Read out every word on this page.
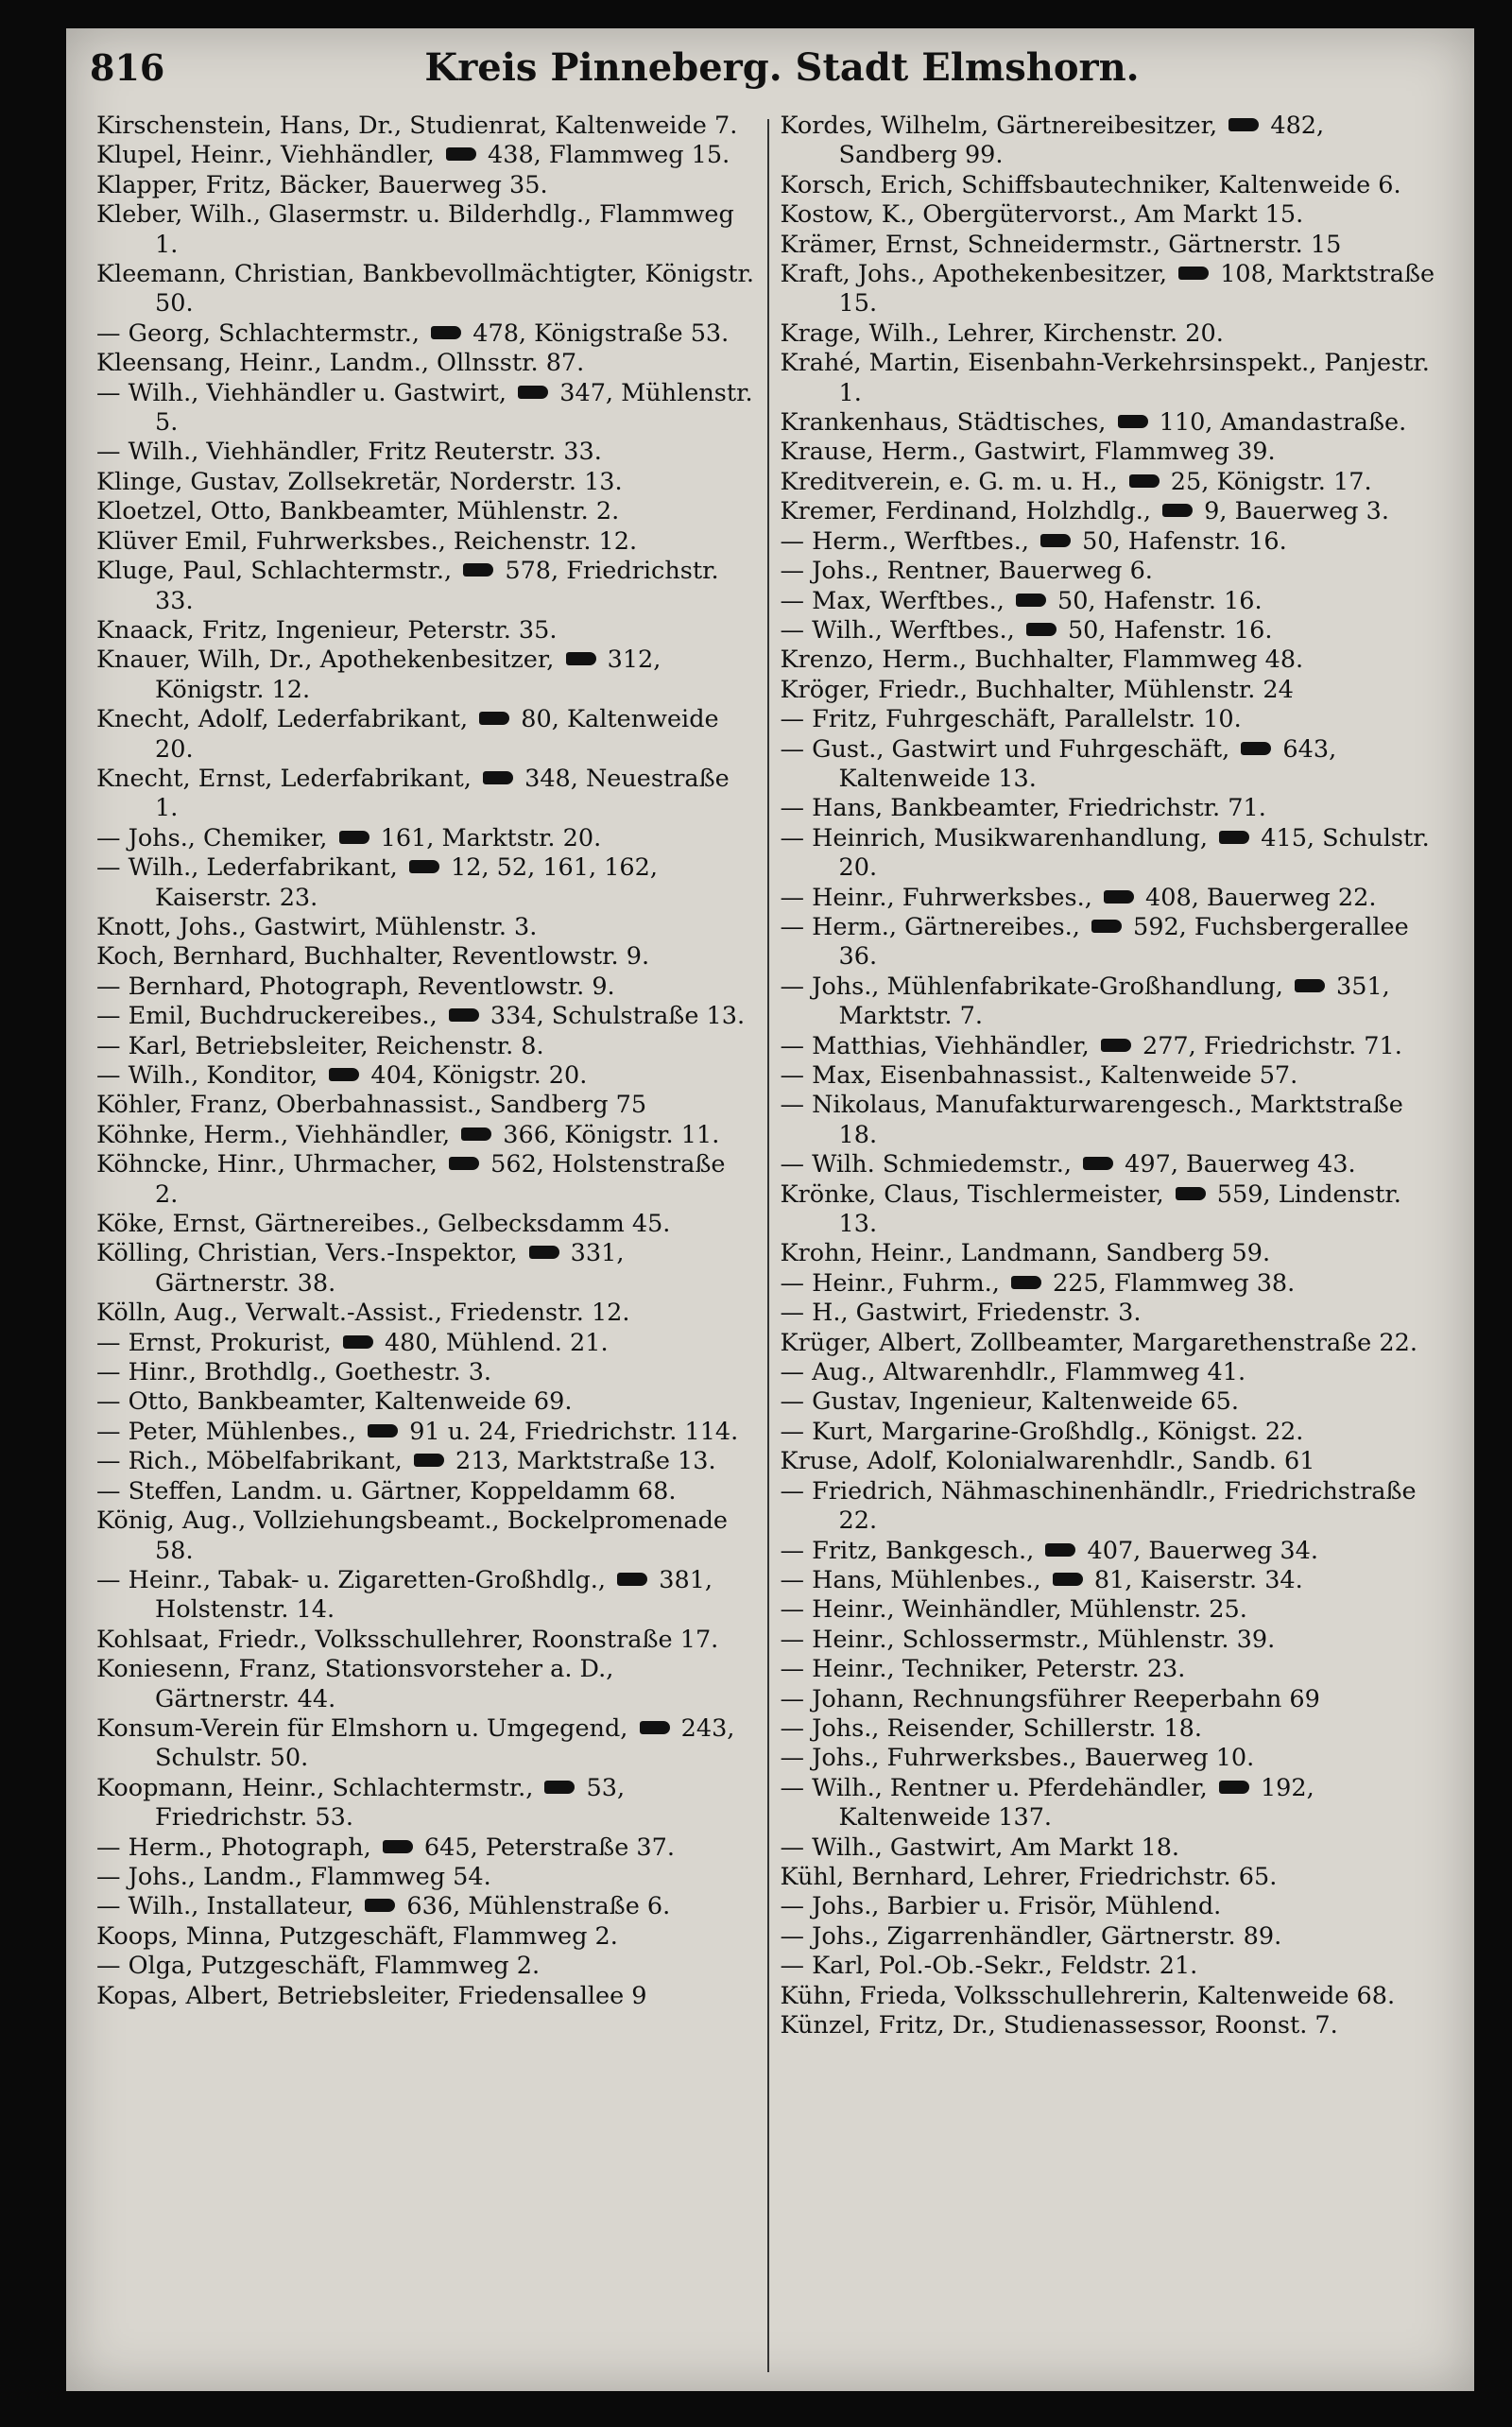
816	Kreis Pinneberg. Stadt Elmshorn.

Kirschenstein, Hans, Dr., Studienrat, Kaltenweide 7.

Klupel, Heinr., Viehhändler,  438, Flammweg 15.

Klapper, Fritz, Bäcker, Bauerweg 35.

Kleber, Wilh., Glasermstr. u. Bilderhdlg., Flammweg 1.

Kleemann, Christian, Bankbevollmächtigter, Königstr. 50.

— Georg, Schlachtermstr.,  478, Königstraße 53.

Kleensang, Heinr., Landm., Ollnsstr. 87.

— Wilh., Viehhändler u. Gastwirt,  347, Mühlenstr. 5.

— Wilh., Viehhändler, Fritz Reuterstr. 33.

Klinge, Gustav, Zollsekretär, Norderstr. 13.

Kloetzel, Otto, Bankbeamter, Mühlenstr. 2.

Klüver Emil, Fuhrwerksbes., Reichenstr. 12.

Kluge, Paul, Schlachtermstr.,  578, Friedrichstr. 33.

Knaack, Fritz, Ingenieur, Peterstr. 35.

Knauer, Wilh, Dr., Apothekenbesitzer,  312, Königstr. 12.

Knecht, Adolf, Lederfabrikant,  80, Kaltenweide 20.

Knecht, Ernst, Lederfabrikant,  348, Neuestraße 1.

— Johs., Chemiker,  161, Marktstr. 20.

— Wilh., Lederfabrikant,  12, 52, 161, 162, Kaiserstr. 23.

Knott, Johs., Gastwirt, Mühlenstr. 3.

Koch, Bernhard, Buchhalter, Reventlowstr. 9.

— Bernhard, Photograph, Reventlowstr. 9.

— Emil, Buchdruckereibes.,  334, Schulstraße 13.

— Karl, Betriebsleiter, Reichenstr. 8.

— Wilh., Konditor,  404, Königstr. 20.

Köhler, Franz, Oberbahnassist., Sandberg 75

Köhnke, Herm., Viehhändler,  366, Königstr. 11.

Köhncke, Hinr., Uhrmacher,  562, Holstenstraße 2.

Köke, Ernst, Gärtnereibes., Gelbecksdamm 45.

Kölling, Christian, Vers.-Inspektor,  331, Gärtnerstr. 38.

Kölln, Aug., Verwalt.-Assist., Friedenstr. 12.

— Ernst, Prokurist,  480, Mühlend. 21.

— Hinr., Brothdlg., Goethestr. 3.

— Otto, Bankbeamter, Kaltenweide 69.

— Peter, Mühlenbes.,  91 u. 24, Friedrichstr. 114.

— Rich., Möbelfabrikant,  213, Marktstraße 13.

— Steffen, Landm. u. Gärtner, Koppeldamm 68.

König, Aug., Vollziehungsbeamt., Bockelpromenade 58.

— Heinr., Tabak- u. Zigaretten-Großhdlg.,  381, Holstenstr. 14.

Kohlsaat, Friedr., Volksschullehrer, Roonstraße 17.

Koniesenn, Franz, Stationsvorsteher a. D., Gärtnerstr. 44.

Konsum-Verein für Elmshorn u. Umgegend,  243, Schulstr. 50.

Koopmann, Heinr., Schlachtermstr.,  53, Friedrichstr. 53.

— Herm., Photograph,  645, Peterstraße 37.

— Johs., Landm., Flammweg 54.

— Wilh., Installateur,  636, Mühlenstraße 6.

Koops, Minna, Putzgeschäft, Flammweg 2.

— Olga, Putzgeschäft, Flammweg 2.

Kopas, Albert, Betriebsleiter, Friedensallee 9

Kordes, Wilhelm, Gärtnereibesitzer,  482, Sandberg 99.

Korsch, Erich, Schiffsbautechniker, Kaltenweide 6.

Kostow, K., Obergütervorst., Am Markt 15.

Krämer, Ernst, Schneidermstr., Gärtnerstr. 15

Kraft, Johs., Apothekenbesitzer,  108, Marktstraße 15.

Krage, Wilh., Lehrer, Kirchenstr. 20.

Krahé, Martin, Eisenbahn-Verkehrsinspekt., Panjestr. 1.

Krankenhaus, Städtisches,  110, Amandastraße.

Krause, Herm., Gastwirt, Flammweg 39.

Kreditverein, e. G. m. u. H.,  25, Königstr. 17.

Kremer, Ferdinand, Holzhdlg.,  9, Bauerweg 3.

— Herm., Werftbes.,  50, Hafenstr. 16.

— Johs., Rentner, Bauerweg 6.

— Max, Werftbes.,  50, Hafenstr. 16.

— Wilh., Werftbes.,  50, Hafenstr. 16.

Krenzo, Herm., Buchhalter, Flammweg 48.

Kröger, Friedr., Buchhalter, Mühlenstr. 24

— Fritz, Fuhrgeschäft, Parallelstr. 10.

— Gust., Gastwirt und Fuhrgeschäft,  643, Kaltenweide 13.

— Hans, Bankbeamter, Friedrichstr. 71.

— Heinrich, Musikwarenhandlung,  415, Schulstr. 20.

— Heinr., Fuhrwerksbes.,  408, Bauerweg 22.

— Herm., Gärtnereibes.,  592, Fuchsbergerallee 36.

— Johs., Mühlenfabrikate-Großhandlung,  351, Marktstr. 7.

— Matthias, Viehhändler,  277, Friedrichstr. 71.

— Max, Eisenbahnassist., Kaltenweide 57.

— Nikolaus, Manufakturwarengesch., Marktstraße 18.

— Wilh. Schmiedemstr.,  497, Bauerweg 43.

Krönke, Claus, Tischlermeister,  559, Lindenstr. 13.

Krohn, Heinr., Landmann, Sandberg 59.

— Heinr., Fuhrm.,  225, Flammweg 38.

— H., Gastwirt, Friedenstr. 3.

Krüger, Albert, Zollbeamter, Margarethenstraße 22.

— Aug., Altwarenhdlr., Flammweg 41.

— Gustav, Ingenieur, Kaltenweide 65.

— Kurt, Margarine-Großhdlg., Königst. 22.

Kruse, Adolf, Kolonialwarenhdlr., Sandb. 61

— Friedrich, Nähmaschinenhändlr., Friedrichstraße 22.

— Fritz, Bankgesch.,  407, Bauerweg 34.

— Hans, Mühlenbes.,  81, Kaiserstr. 34.

— Heinr., Weinhändler, Mühlenstr. 25.

— Heinr., Schlossermstr., Mühlenstr. 39.

— Heinr., Techniker, Peterstr. 23.

— Johann, Rechnungsführer Reeperbahn 69

— Johs., Reisender, Schillerstr. 18.

— Johs., Fuhrwerksbes., Bauerweg 10.

— Wilh., Rentner u. Pferdehändler,  192, Kaltenweide 137.

— Wilh., Gastwirt, Am Markt 18.

Kühl, Bernhard, Lehrer, Friedrichstr. 65.

— Johs., Barbier u. Frisör, Mühlend.

— Johs., Zigarrenhändler, Gärtnerstr. 89.

— Karl, Pol.-Ob.-Sekr., Feldstr. 21.

Kühn, Frieda, Volksschullehrerin, Kaltenweide 68.

Künzel, Fritz, Dr., Studienassessor, Roonst. 7.
